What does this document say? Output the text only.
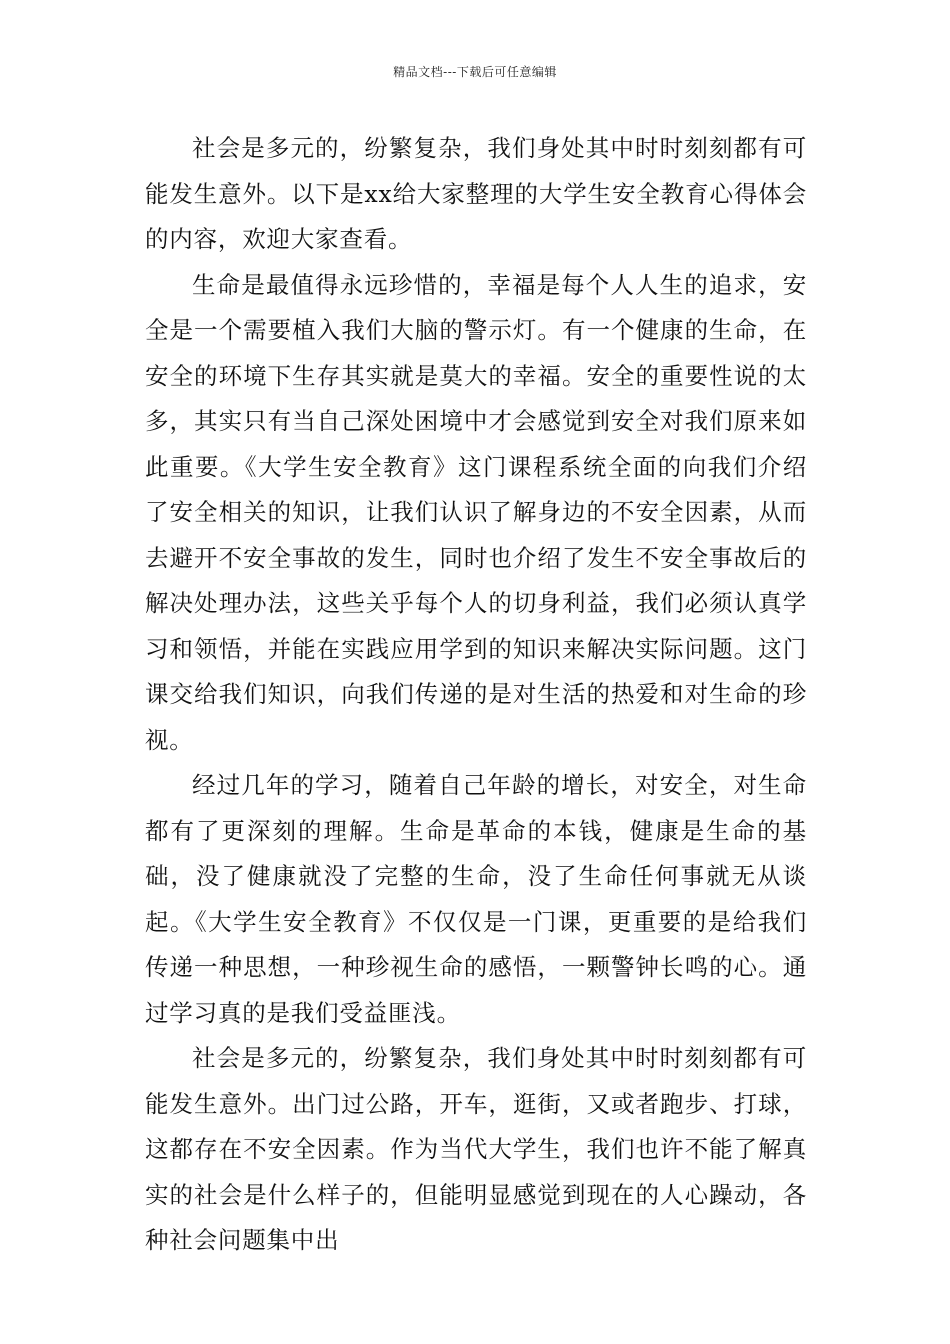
精品文档---下载后可任意编辑

社会是多元的，纷繁复杂，我们身处其中时时刻刻都有可能发生意外。以下是xx给大家整理的大学生安全教育心得体会的内容，欢迎大家查看。

生命是最值得永远珍惜的，幸福是每个人人生的追求，安全是一个需要植入我们大脑的警示灯。有一个健康的生命，在安全的环境下生存其实就是莫大的幸福。安全的重要性说的太多，其实只有当自己深处困境中才会感觉到安全对我们原来如此重要。《大学生安全教育》这门课程系统全面的向我们介绍了安全相关的知识，让我们认识了解身边的不安全因素，从而去避开不安全事故的发生，同时也介绍了发生不安全事故后的解决处理办法，这些关乎每个人的切身利益，我们必须认真学习和领悟，并能在实践应用学到的知识来解决实际问题。这门课交给我们知识，向我们传递的是对生活的热爱和对生命的珍视。

经过几年的学习，随着自己年龄的增长，对安全，对生命都有了更深刻的理解。生命是革命的本钱，健康是生命的基础，没了健康就没了完整的生命，没了生命任何事就无从谈起。《大学生安全教育》不仅仅是一门课，更重要的是给我们传递一种思想，一种珍视生命的感悟，一颗警钟长鸣的心。通过学习真的是我们受益匪浅。

社会是多元的，纷繁复杂，我们身处其中时时刻刻都有可能发生意外。出门过公路，开车，逛街，又或者跑步、打球，这都存在不安全因素。作为当代大学生，我们也许不能了解真实的社会是什么样子的，但能明显感觉到现在的人心躁动，各种社会问题集中出
